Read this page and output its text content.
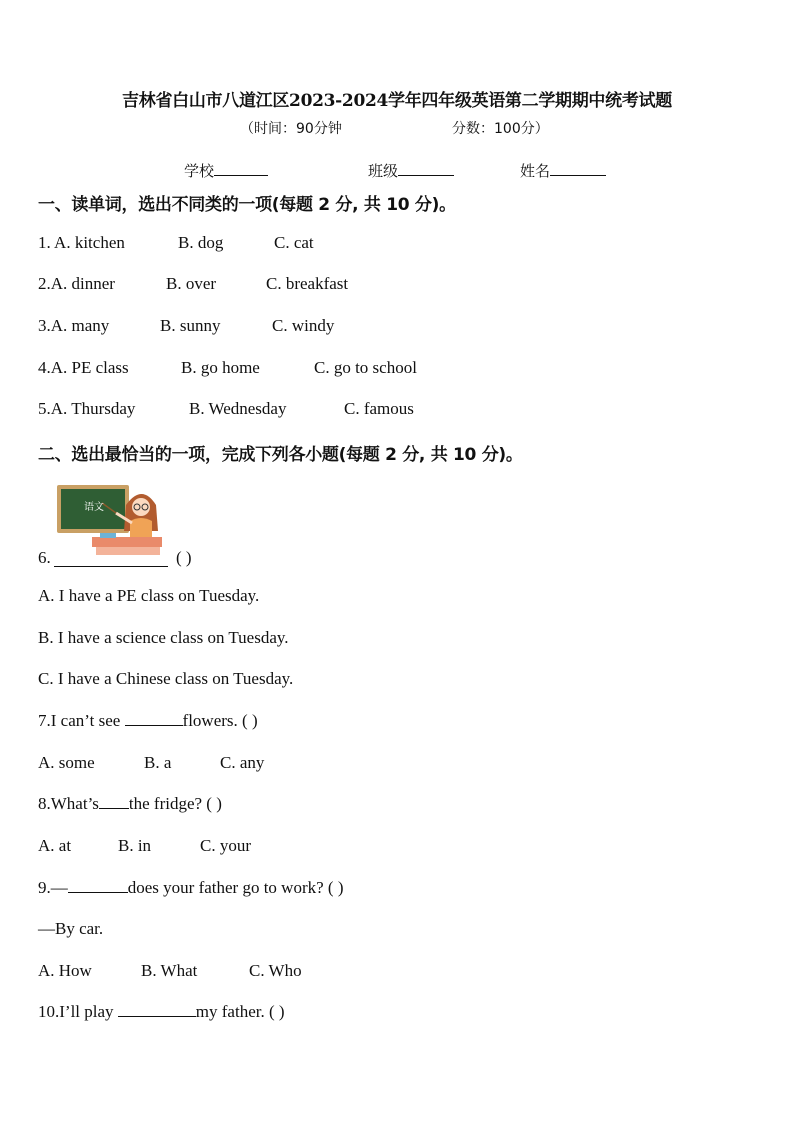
吉林省白山市八道江区2023-2024学年四年级英语第二学期期中统考试题
（时间：90分钟	分数：100分）
学校	班级	姓名
一、读单词，选出不同类的一项(每题 2 分, 共 10 分)。
1. A. kitchen	B. dog	C. cat
2.A. dinner	B. over	C. breakfast
3.A. many	B. sunny	C. windy
4.A. PE class	B. go home	C. go to school
5.A. Thursday	B. Wednesday	C. famous
二、选出最恰当的一项，完成下列各小题(每题 2 分, 共 10 分)。
语文
6.	( )
A. I have a PE class on Tuesday.
B. I have a science class on Tuesday.
C. I have a Chinese class on Tuesday.
7.I can’t see	flowers. ( )
A. some	B. a	C. any
8.What’s the fridge? ( )
A. at	B. in	C. your
9.—	does your father go to work? ( )
—By car.
A. How	B. What	C. Who
10.I’ll play	my father. ( )
